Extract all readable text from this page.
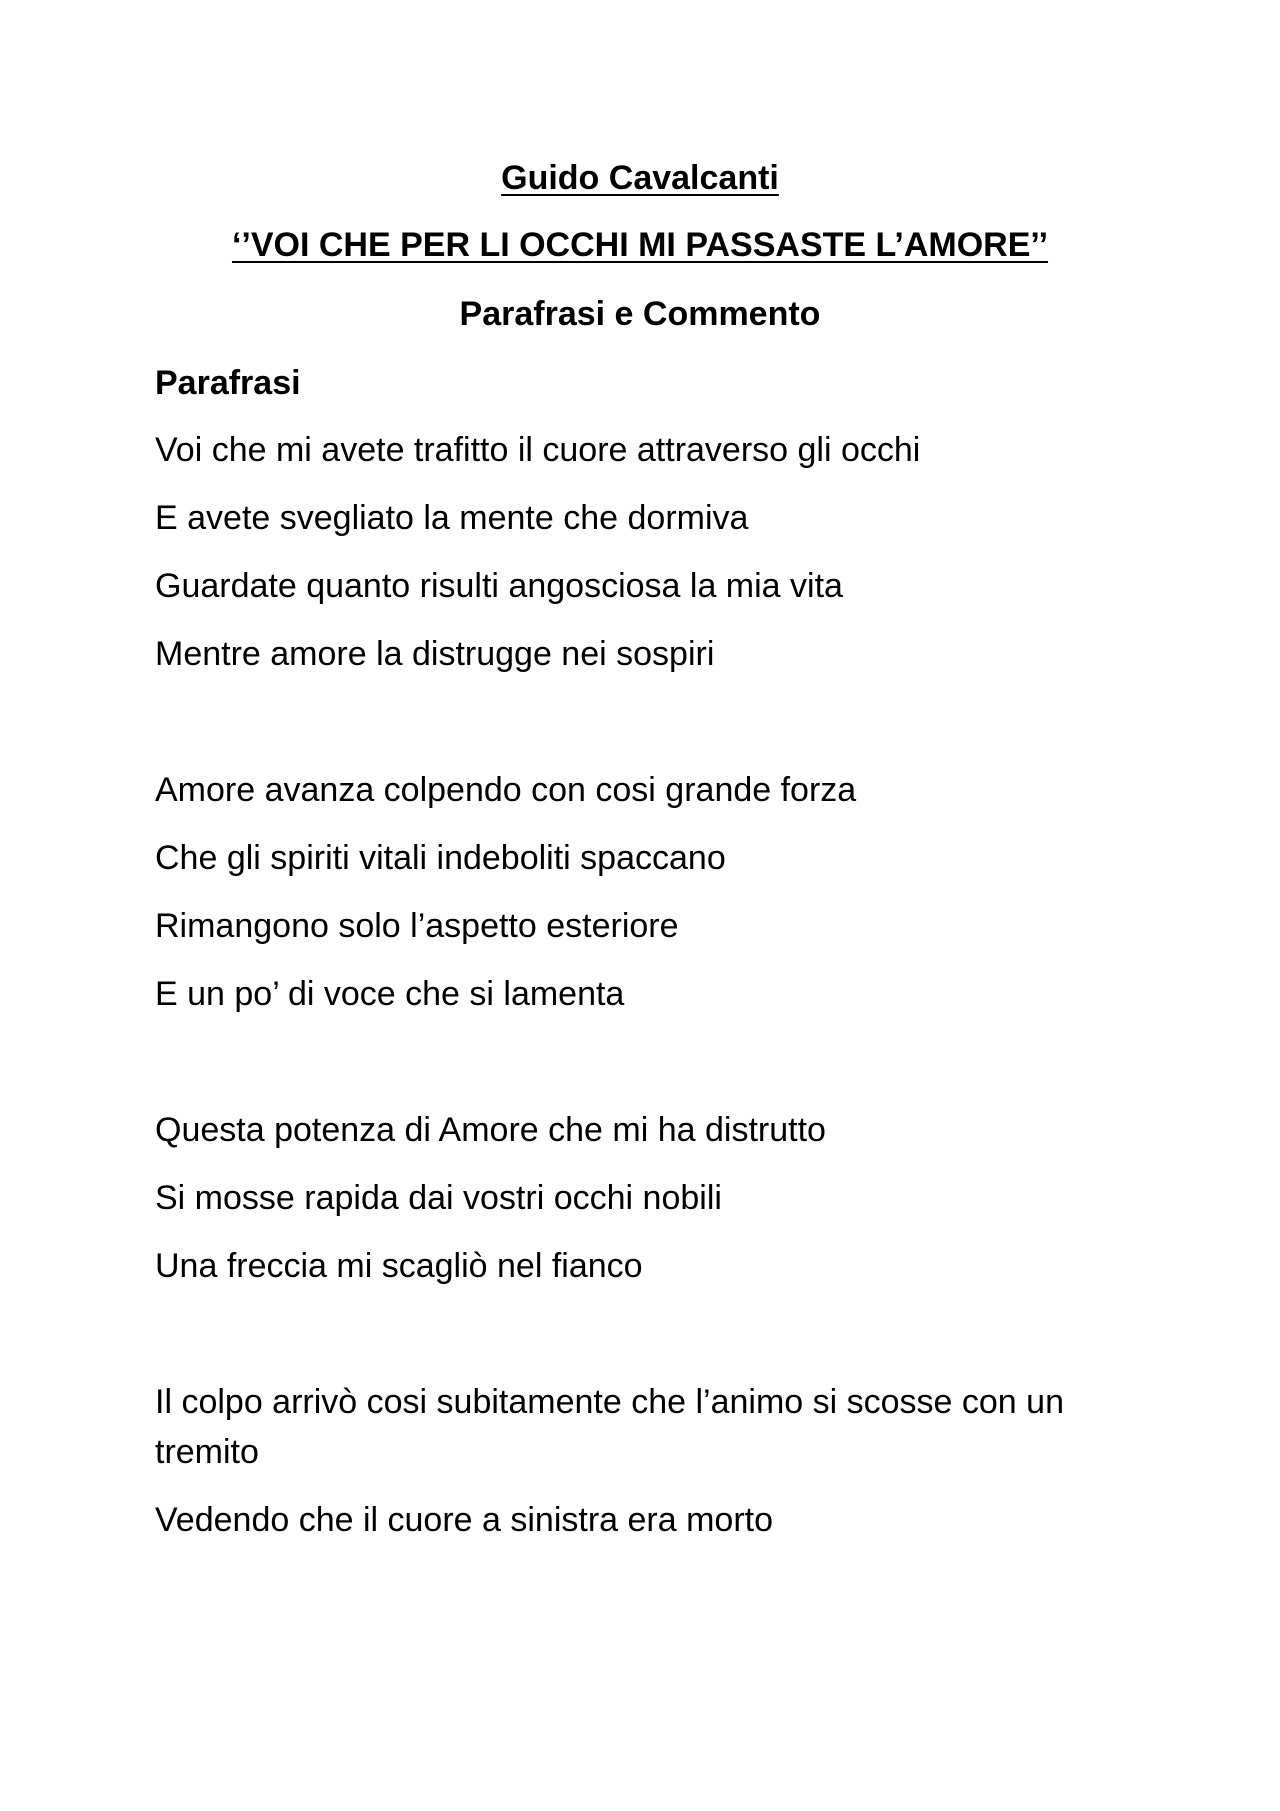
Guido Cavalcanti
‘’VOI CHE PER LI OCCHI MI PASSASTE L’AMORE’’
Parafrasi e Commento
Parafrasi
Voi che mi avete trafitto il cuore attraverso gli occhi
E avete svegliato la mente che dormiva
Guardate quanto risulti angosciosa la mia vita
Mentre amore la distrugge nei sospiri
Amore avanza colpendo con cosi grande forza
Che gli spiriti vitali indeboliti spaccano
Rimangono solo l’aspetto esteriore
E un po’ di voce che si lamenta
Questa potenza di Amore che mi ha distrutto
Si mosse rapida dai vostri occhi nobili
Una freccia mi scagliò nel fianco
Il colpo arrivò cosi subitamente che l’animo si scosse con un tremito
Vedendo che il cuore a sinistra era morto
